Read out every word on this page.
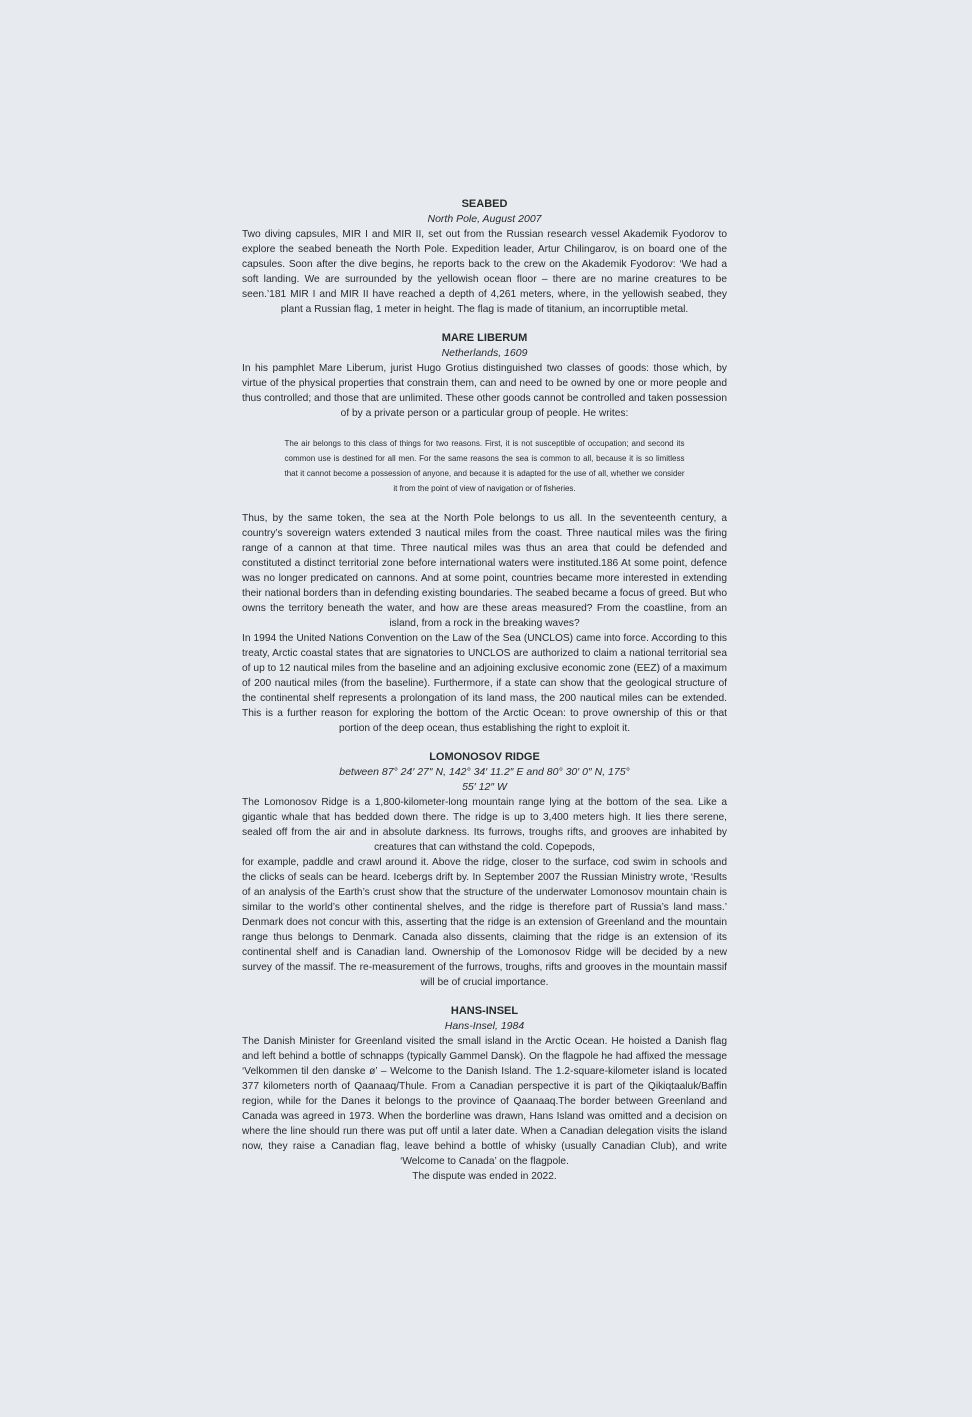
SEABED

North Pole, August 2007

Two diving capsules, MIR I and MIR II, set out from the Russian research vessel Akademik Fyodorov to explore the seabed beneath the North Pole. Expedition leader, Artur Chilingarov, is on board one of the capsules. Soon after the dive begins, he reports back to the crew on the Akademik Fyodorov: ‘We had a soft landing. We are surrounded by the yellowish ocean floor – there are no marine creatures to be seen.’181 MIR I and MIR II have reached a depth of 4,261 meters, where, in the yellowish seabed, they plant a Russian flag, 1 meter in height. The flag is made of titanium, an incorruptible metal.

MARE LIBERUM

Netherlands, 1609

In his pamphlet Mare Liberum, jurist Hugo Grotius distinguished two classes of goods: those which, by virtue of the physical properties that constrain them, can and need to be owned by one or more people and thus controlled; and those that are unlimited. These other goods cannot be controlled and taken possession of by a private person or a particular group of people. He writes:

The air belongs to this class of things for two reasons. First, it is not susceptible of occupation; and second its common use is destined for all men. For the same reasons the sea is common to all, because it is so limitless that it cannot become a possession of anyone, and because it is adapted for the use of all, whether we consider it from the point of view of navigation or of fisheries.

Thus, by the same token, the sea at the North Pole belongs to us all. In the seventeenth century, a country’s sovereign waters extended 3 nautical miles from the coast. Three nautical miles was the firing range of a cannon at that time. Three nautical miles was thus an area that could be defended and constituted a distinct territorial zone before international waters were instituted.186 At some point, defence was no longer predicated on cannons. And at some point, countries became more interested in extending their national borders than in defending existing boundaries. The seabed became a focus of greed. But who owns the territory beneath the water, and how are these areas measured? From the coastline, from an island, from a rock in the breaking waves?

In 1994 the United Nations Convention on the Law of the Sea (UNCLOS) came into force. According to this treaty, Arctic coastal states that are signatories to UNCLOS are authorized to claim a national territorial sea of up to 12 nautical miles from the baseline and an adjoining exclusive economic zone (EEZ) of a maximum of 200 nautical miles (from the baseline). Furthermore, if a state can show that the geological structure of the continental shelf represents a prolongation of its land mass, the 200 nautical miles can be extended. This is a further reason for exploring the bottom of the Arctic Ocean: to prove ownership of this or that portion of the deep ocean, thus establishing the right to exploit it.

LOMONOSOV RIDGE

between 87° 24′ 27″ N, 142° 34′ 11.2″ E and 80° 30′ 0″ N, 175° 55′ 12″ W

The Lomonosov Ridge is a 1,800-kilometer-long mountain range lying at the bottom of the sea. Like a gigantic whale that has bedded down there. The ridge is up to 3,400 meters high. It lies there serene, sealed off from the air and in absolute darkness. Its furrows, troughs rifts, and grooves are inhabited by creatures that can withstand the cold. Copepods,

for example, paddle and crawl around it. Above the ridge, closer to the surface, cod swim in schools and the clicks of seals can be heard. Icebergs drift by. In September 2007 the Russian Ministry wrote, ‘Results of an analysis of the Earth’s crust show that the structure of the underwater Lomonosov mountain chain is similar to the world’s other continental shelves, and the ridge is therefore part of Russia’s land mass.’ Denmark does not concur with this, asserting that the ridge is an extension of Greenland and the mountain range thus belongs to Denmark. Canada also dissents, claiming that the ridge is an extension of its continental shelf and is Canadian land. Ownership of the Lomonosov Ridge will be decided by a new survey of the massif. The re-measurement of the furrows, troughs, rifts and grooves in the mountain massif will be of crucial importance.

HANS-INSEL

Hans-Insel, 1984

The Danish Minister for Greenland visited the small island in the Arctic Ocean. He hoisted a Danish flag and left behind a bottle of schnapps (typically Gammel Dansk). On the flagpole he had affixed the message ‘Velkommen til den danske ø’ – Welcome to the Danish Island. The 1.2-square-kilometer island is located 377 kilometers north of Qaanaaq/Thule. From a Canadian perspective it is part of the Qikiqtaaluk/Baffin region, while for the Danes it belongs to the province of Qaanaaq.The border between Greenland and Canada was agreed in 1973. When the borderline was drawn, Hans Island was omitted and a decision on where the line should run there was put off until a later date. When a Canadian delegation visits the island now, they raise a Canadian flag, leave behind a bottle of whisky (usually Canadian Club), and write ‘Welcome to Canada’ on the flagpole.

The dispute was ended in 2022.
